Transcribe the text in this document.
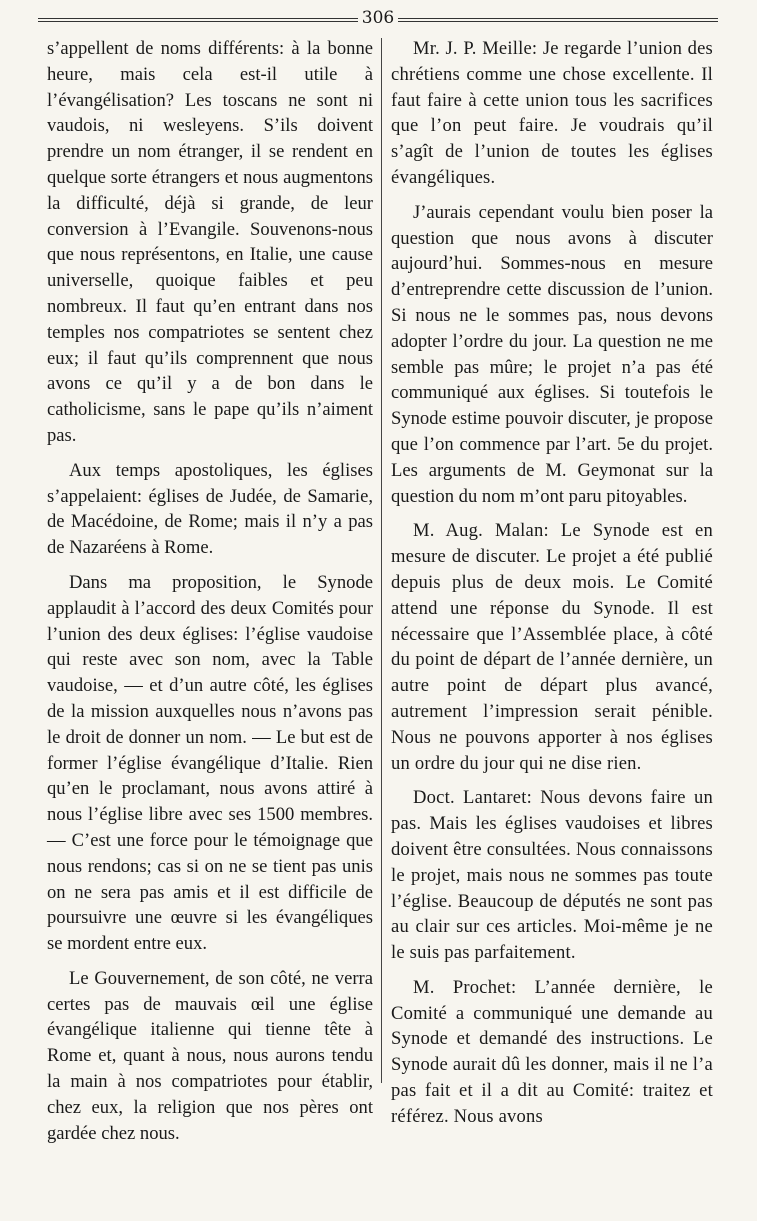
306

s’appellent de noms différents: à la bonne heure, mais cela est-il utile à l’évangélisation? Les toscans ne sont ni vaudois, ni wesleyens. S’ils doivent prendre un nom étranger, il se rendent en quelque sorte étrangers et nous augmentons la difficulté, déjà si grande, de leur conversion à l’Evangile. Souvenons-nous que nous représentons, en Italie, une cause universelle, quoique faibles et peu nombreux. Il faut qu’en entrant dans nos temples nos compatriotes se sentent chez eux; il faut qu’ils comprennent que nous avons ce qu’il y a de bon dans le catholicisme, sans le pape qu’ils n’aiment pas.

Aux temps apostoliques, les églises s’appelaient: églises de Judée, de Samarie, de Macédoine, de Rome; mais il n’y a pas de Nazaréens à Rome.

Dans ma proposition, le Synode applaudit à l’accord des deux Comités pour l’union des deux églises: l’église vaudoise qui reste avec son nom, avec la Table vaudoise, — et d’un autre côté, les églises de la mission auxquelles nous n’avons pas le droit de donner un nom. — Le but est de former l’église évangélique d’Italie. Rien qu’en le proclamant, nous avons attiré à nous l’église libre avec ses 1500 membres. — C’est une force pour le témoignage que nous rendons; cas si on ne se tient pas unis on ne sera pas amis et il est difficile de poursuivre une œuvre si les évangéliques se mordent entre eux.

Le Gouvernement, de son côté, ne verra certes pas de mauvais œil une église évangélique italienne qui tienne tête à Rome et, quant à nous, nous aurons tendu la main à nos compatriotes pour établir, chez eux, la religion que nos pères ont gardée chez nous.

Mr. J. P. Meille: Je regarde l’union des chrétiens comme une chose excellente. Il faut faire à cette union tous les sacrifices que l’on peut faire. Je voudrais qu’il s’agît de l’union de toutes les églises évangéliques.

J’aurais cependant voulu bien poser la question que nous avons à discuter aujourd’hui. Sommes-nous en mesure d’entreprendre cette discussion de l’union. Si nous ne le sommes pas, nous devons adopter l’ordre du jour. La question ne me semble pas mûre; le projet n’a pas été communiqué aux églises. Si toutefois le Synode estime pouvoir discuter, je propose que l’on commence par l’art. 5e du projet. Les arguments de M. Geymonat sur la question du nom m’ont paru pitoyables.

M. Aug. Malan: Le Synode est en mesure de discuter. Le projet a été publié depuis plus de deux mois. Le Comité attend une réponse du Synode. Il est nécessaire que l’Assemblée place, à côté du point de départ de l’année dernière, un autre point de départ plus avancé, autrement l’impression serait pénible. Nous ne pouvons apporter à nos églises un ordre du jour qui ne dise rien.

Doct. Lantaret: Nous devons faire un pas. Mais les églises vaudoises et libres doivent être consultées. Nous connaissons le projet, mais nous ne sommes pas toute l’église. Beaucoup de députés ne sont pas au clair sur ces articles. Moi-même je ne le suis pas parfaitement.

M. Prochet: L’année dernière, le Comité a communiqué une demande au Synode et demandé des instructions. Le Synode aurait dû les donner, mais il ne l’a pas fait et il a dit au Comité: traitez et référez. Nous avons
